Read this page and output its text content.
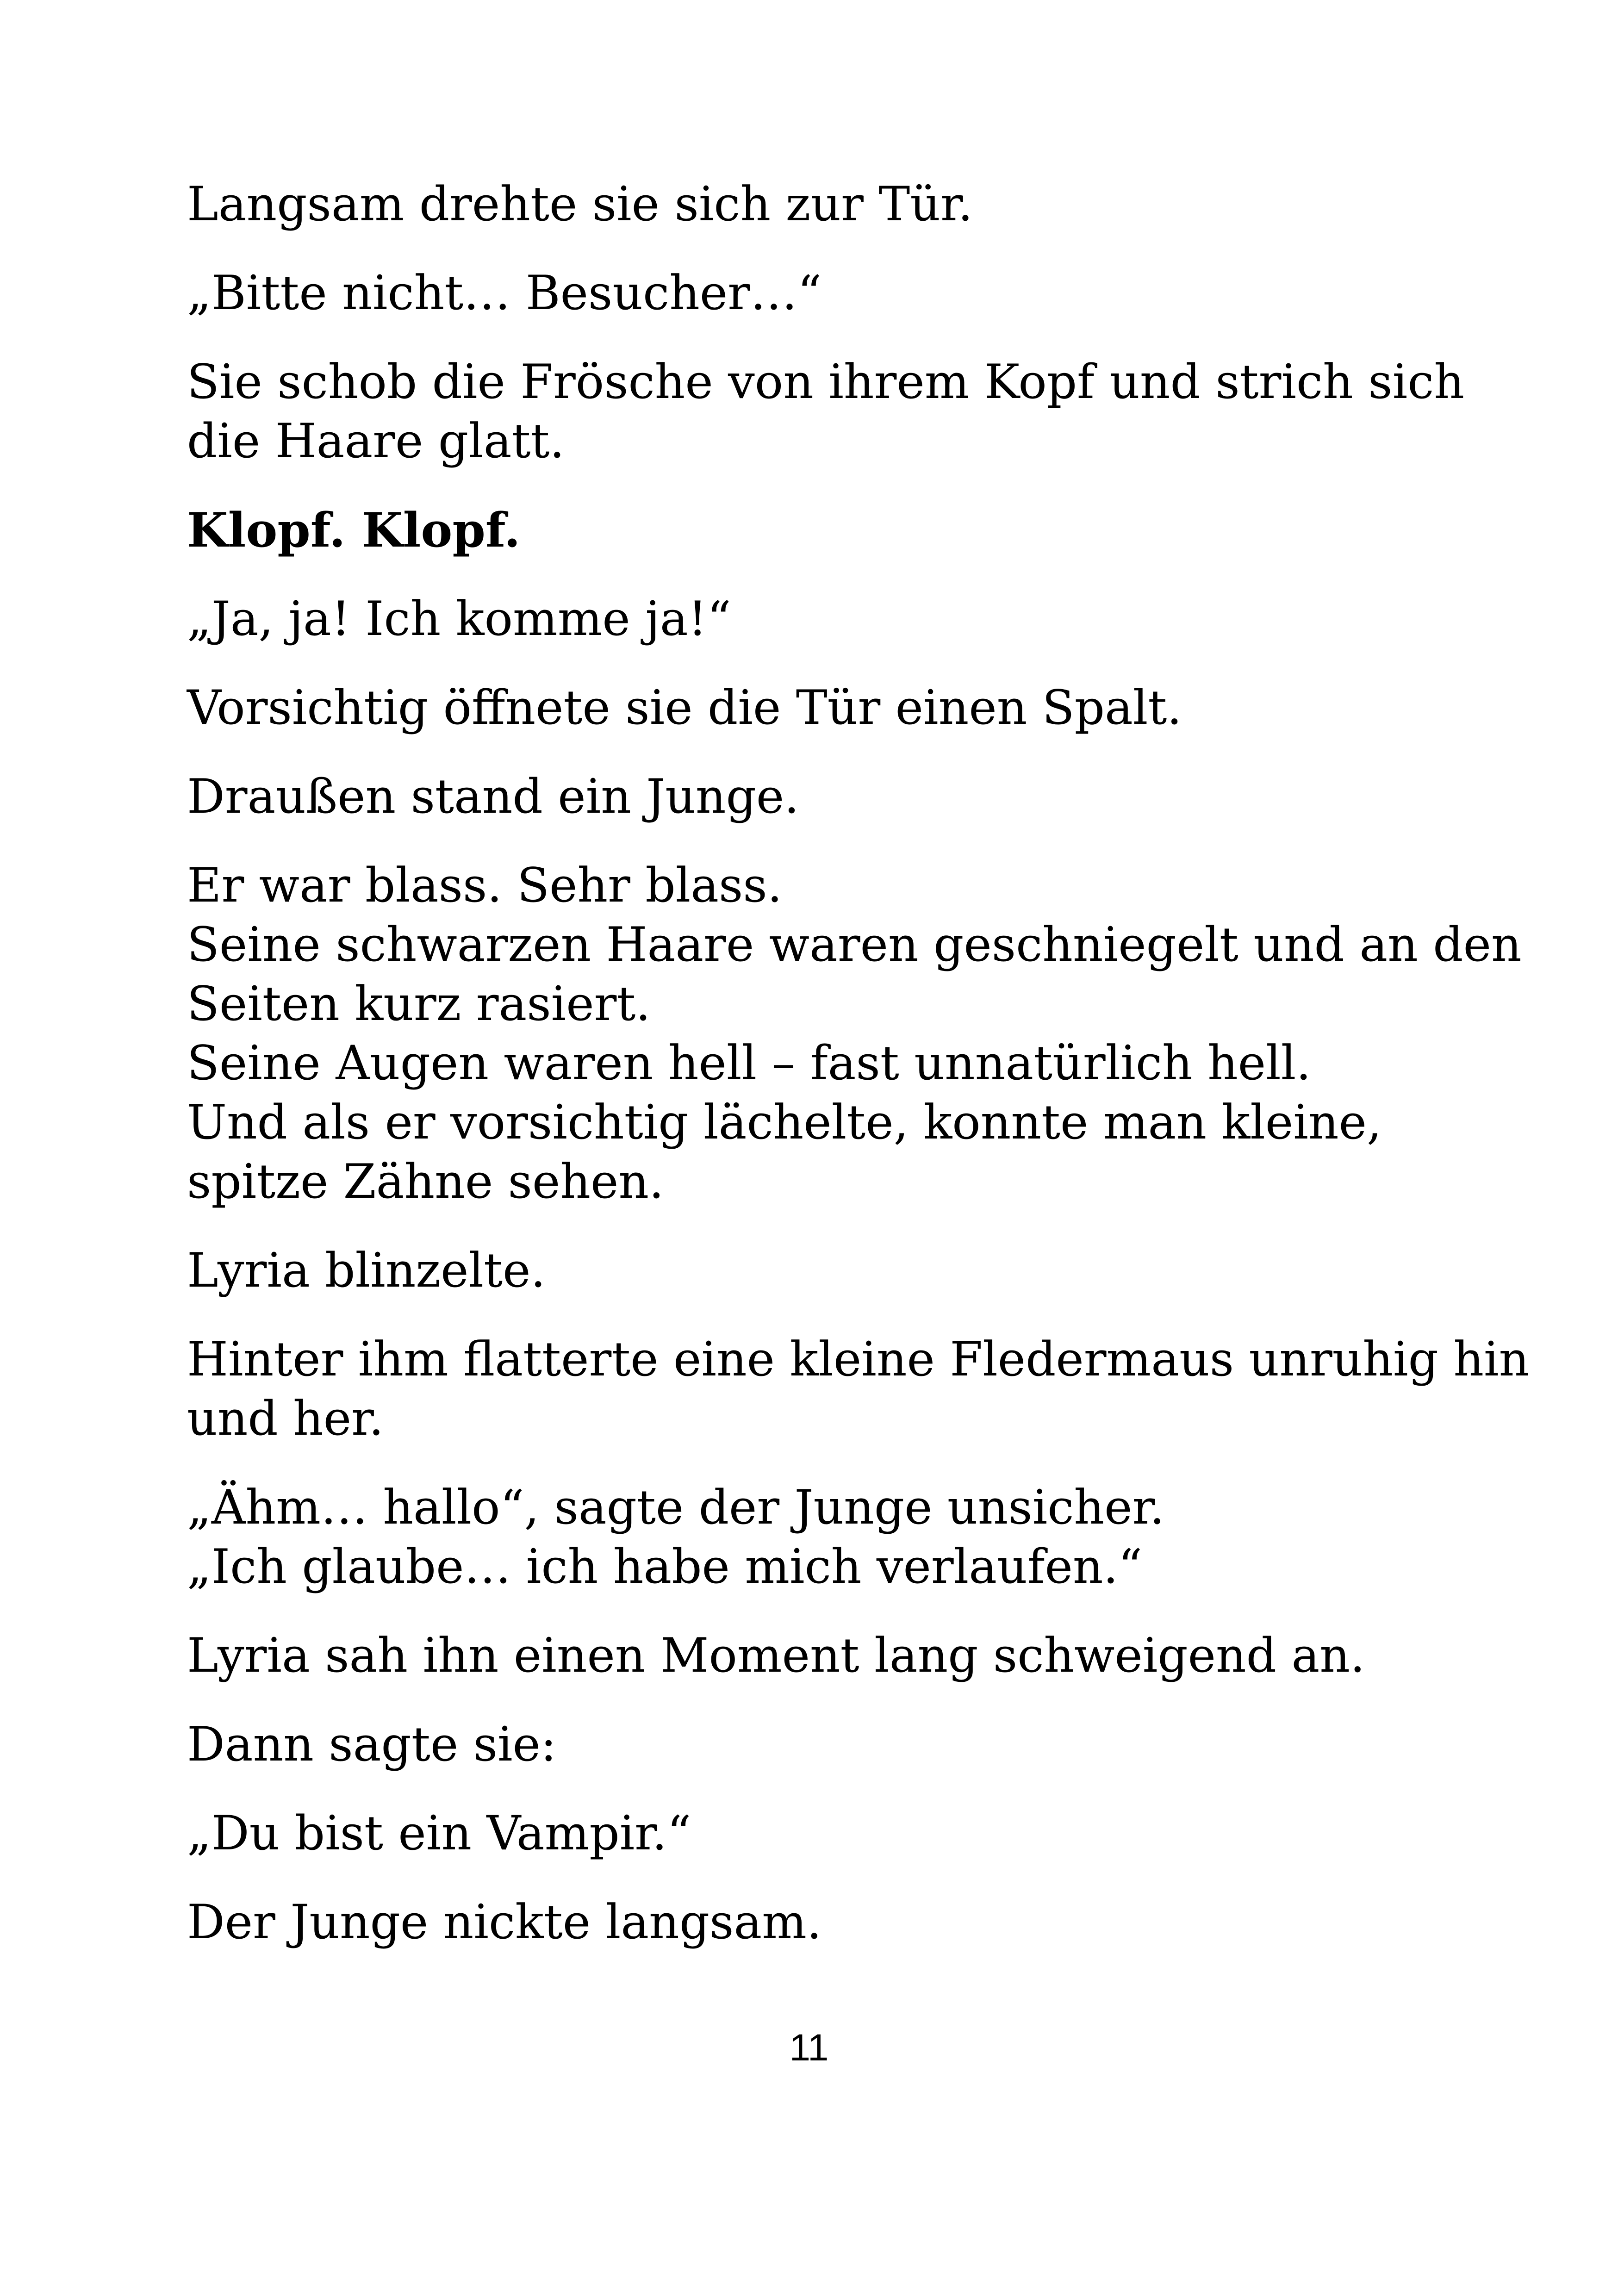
Langsam drehte sie sich zur Tür.

„Bitte nicht… Besucher…“

Sie schob die Frösche von ihrem Kopf und strich sich
die Haare glatt.

Klopf. Klopf.

„Ja, ja! Ich komme ja!“

Vorsichtig öffnete sie die Tür einen Spalt.

Draußen stand ein Junge.

Er war blass. Sehr blass.
Seine schwarzen Haare waren geschniegelt und an den
Seiten kurz rasiert.
Seine Augen waren hell – fast unnatürlich hell.
Und als er vorsichtig lächelte, konnte man kleine,
spitze Zähne sehen.

Lyria blinzelte.

Hinter ihm flatterte eine kleine Fledermaus unruhig hin
und her.

„Ähm… hallo“, sagte der Junge unsicher.
„Ich glaube… ich habe mich verlaufen.“

Lyria sah ihn einen Moment lang schweigend an.

Dann sagte sie:

„Du bist ein Vampir.“

Der Junge nickte langsam.

11
